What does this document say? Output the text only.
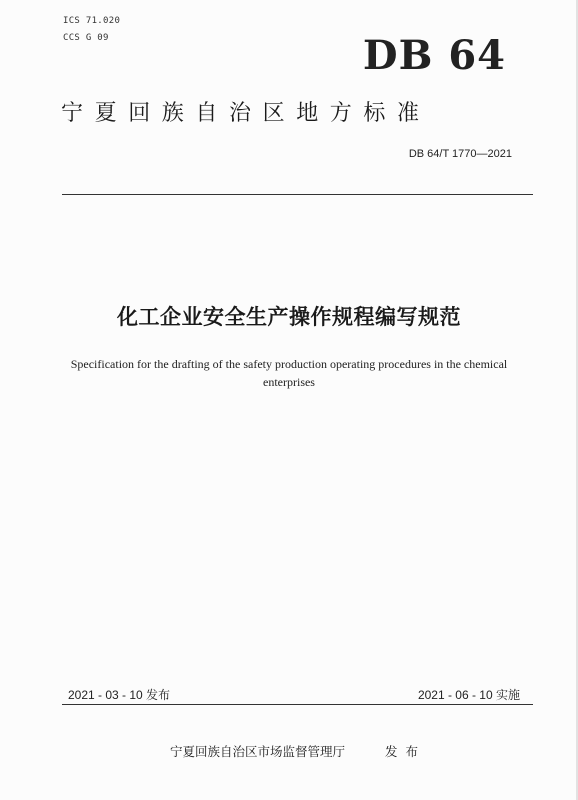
ICS 71.020
CCS G 09	DB 64
宁夏回族自治区地方标准
DB 64/T 1770—2021
化工企业安全生产操作规程编写规范
Specification for the drafting of the safety production operating procedures in the chemical enterprises
2021 - 03 - 10 发布	2021 - 06 - 10 实施
宁夏回族自治区市场监督管理厅	发布
